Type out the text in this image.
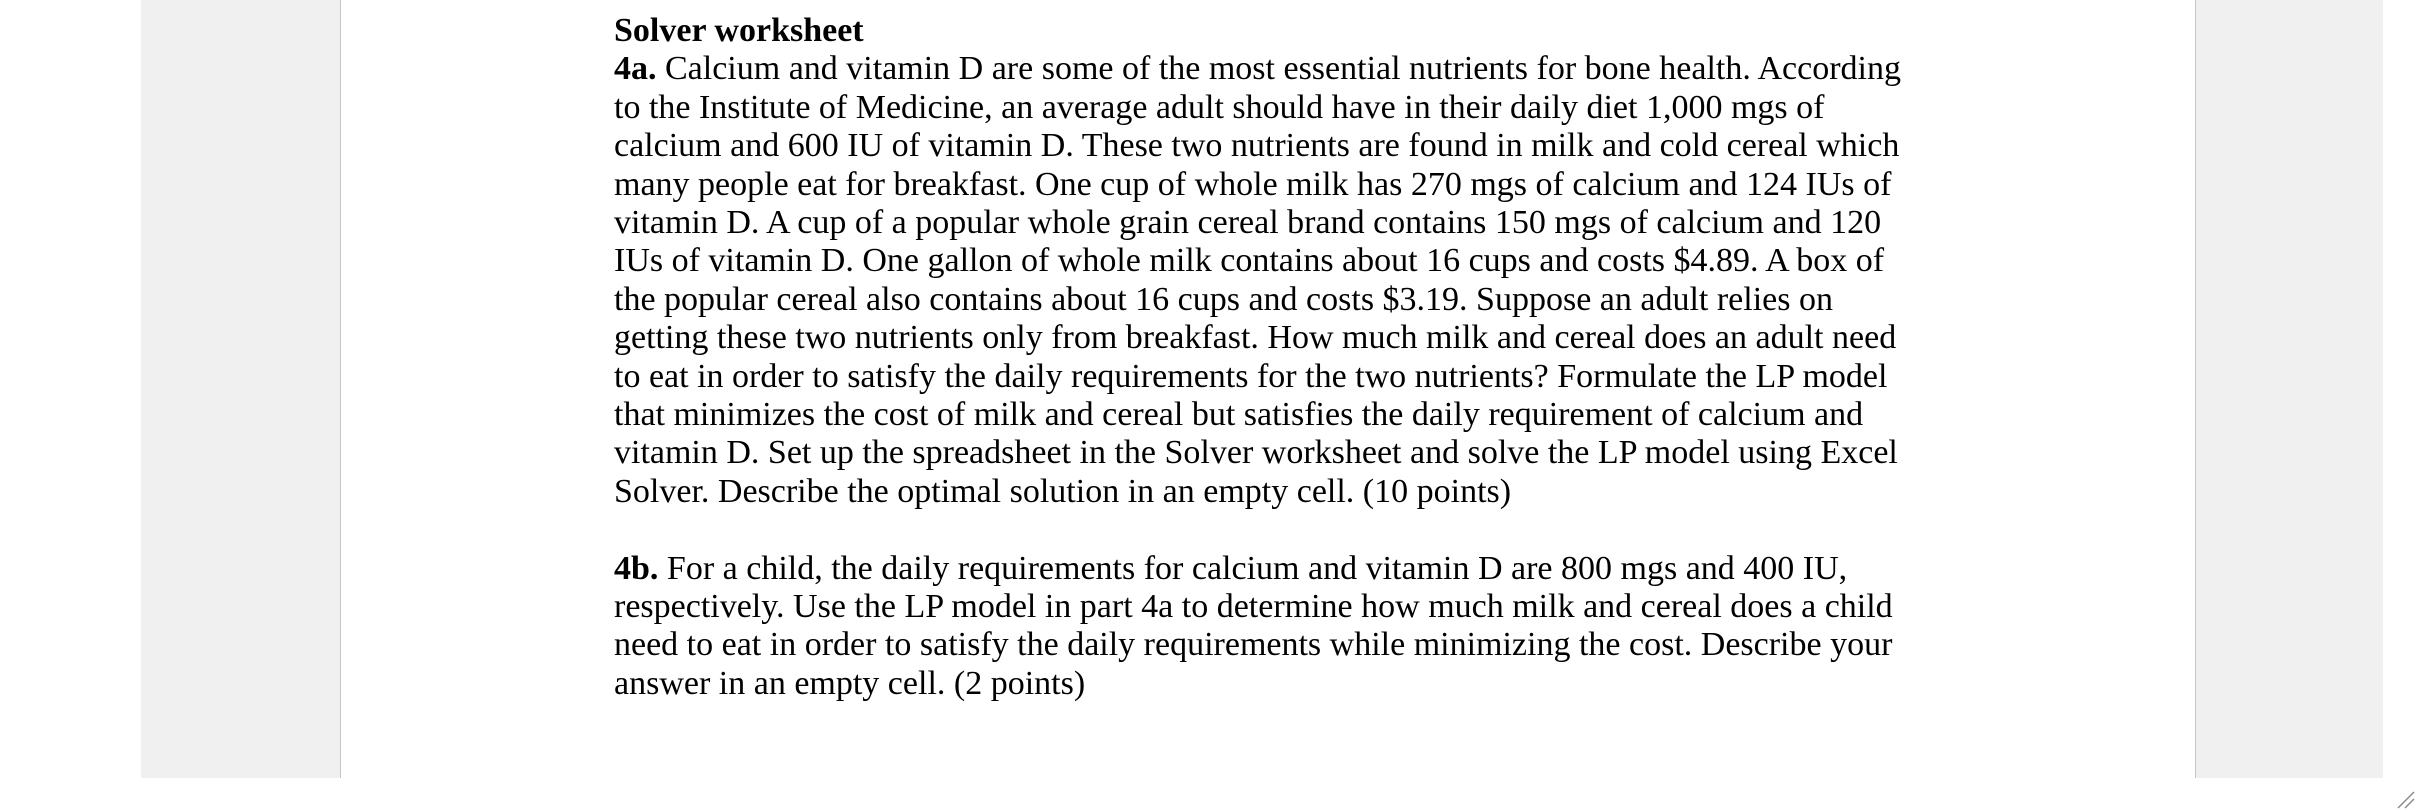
Solver worksheet

4a. Calcium and vitamin D are some of the most essential nutrients for bone health. According to the Institute of Medicine, an average adult should have in their daily diet 1,000 mgs of calcium and 600 IU of vitamin D. These two nutrients are found in milk and cold cereal which many people eat for breakfast. One cup of whole milk has 270 mgs of calcium and 124 IUs of vitamin D. A cup of a popular whole grain cereal brand contains 150 mgs of calcium and 120 IUs of vitamin D. One gallon of whole milk contains about 16 cups and costs $4.89. A box of the popular cereal also contains about 16 cups and costs $3.19. Suppose an adult relies on getting these two nutrients only from breakfast. How much milk and cereal does an adult need to eat in order to satisfy the daily requirements for the two nutrients? Formulate the LP model that minimizes the cost of milk and cereal but satisfies the daily requirement of calcium and vitamin D. Set up the spreadsheet in the Solver worksheet and solve the LP model using Excel Solver. Describe the optimal solution in an empty cell. (10 points)

4b. For a child, the daily requirements for calcium and vitamin D are 800 mgs and 400 IU, respectively. Use the LP model in part 4a to determine how much milk and cereal does a child need to eat in order to satisfy the daily requirements while minimizing the cost. Describe your answer in an empty cell. (2 points)
